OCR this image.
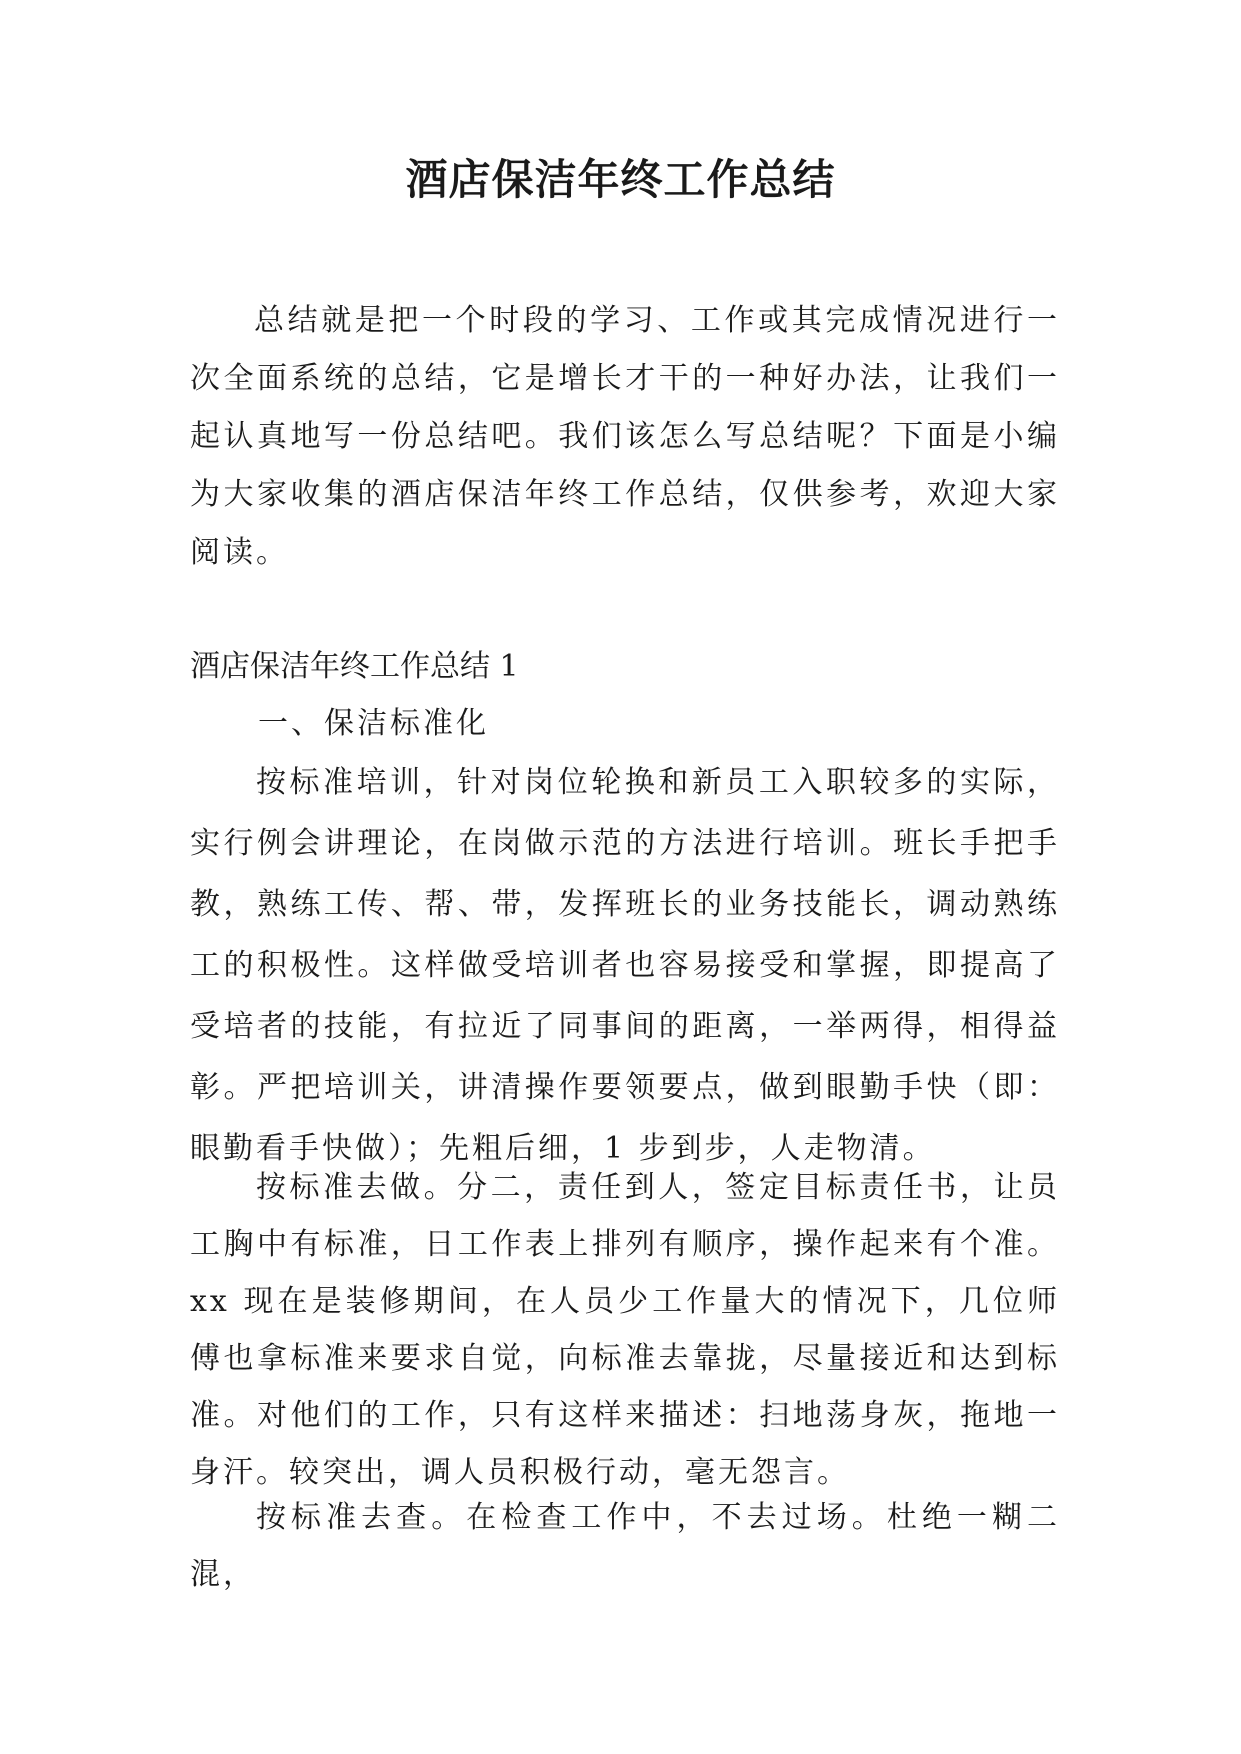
酒店保洁年终工作总结

总结就是把一个时段的学习、工作或其完成情况进行一次全面系统的总结，它是增长才干的一种好办法，让我们一起认真地写一份总结吧。我们该怎么写总结呢？下面是小编为大家收集的酒店保洁年终工作总结，仅供参考，欢迎大家阅读。

酒店保洁年终工作总结 1

一、保洁标准化

按标准培训，针对岗位轮换和新员工入职较多的实际，实行例会讲理论，在岗做示范的方法进行培训。班长手把手教，熟练工传、帮、带，发挥班长的业务技能长，调动熟练工的积极性。这样做受培训者也容易接受和掌握，即提高了受培者的技能，有拉近了同事间的距离，一举两得，相得益彰。严把培训关，讲清操作要领要点，做到眼勤手快（即：眼勤看手快做）；先粗后细，1 步到步，人走物清。

按标准去做。分二，责任到人，签定目标责任书，让员工胸中有标准，日工作表上排列有顺序，操作起来有个准。xx 现在是装修期间，在人员少工作量大的情况下，几位师傅也拿标准来要求自觉，向标准去靠拢，尽量接近和达到标准。对他们的工作，只有这样来描述：扫地荡身灰，拖地一身汗。较突出，调人员积极行动，毫无怨言。

按标准去查。在检查工作中，不去过场。杜绝一糊二混，
